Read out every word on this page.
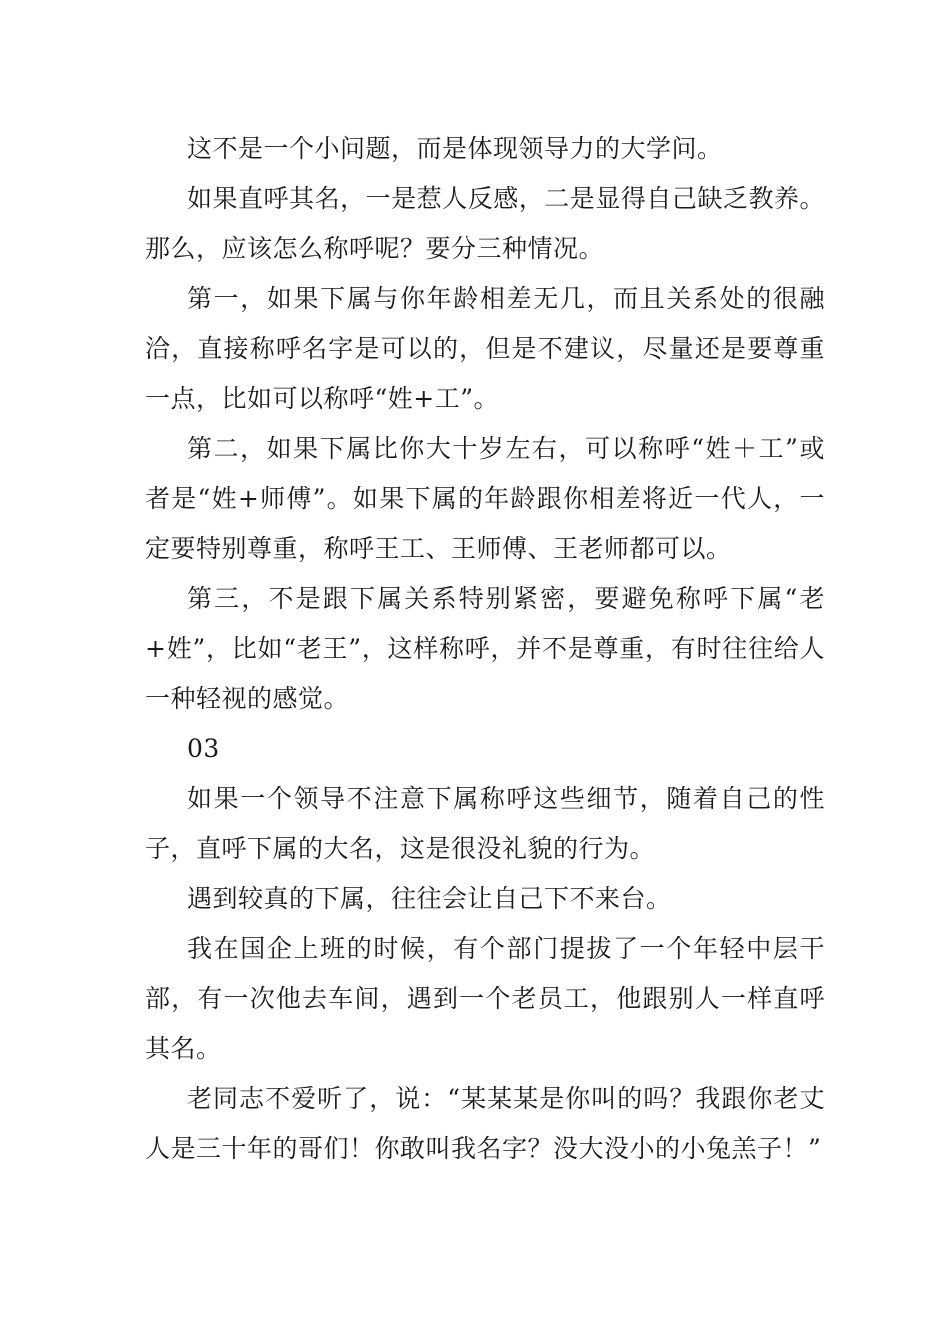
这不是一个小问题，而是体现领导力的大学问。

如果直呼其名，一是惹人反感，二是显得自己缺乏教养。那么，应该怎么称呼呢？要分三种情况。

第一，如果下属与你年龄相差无几，而且关系处的很融洽，直接称呼名字是可以的，但是不建议，尽量还是要尊重一点，比如可以称呼“姓+工”。

第二，如果下属比你大十岁左右，可以称呼“姓＋工”或者是“姓+师傅”。如果下属的年龄跟你相差将近一代人，一定要特别尊重，称呼王工、王师傅、王老师都可以。

第三，不是跟下属关系特别紧密，要避免称呼下属“老+姓”，比如“老王”，这样称呼，并不是尊重，有时往往给人一种轻视的感觉。

03

如果一个领导不注意下属称呼这些细节，随着自己的性子，直呼下属的大名，这是很没礼貌的行为。

遇到较真的下属，往往会让自己下不来台。

我在国企上班的时候，有个部门提拔了一个年轻中层干部，有一次他去车间，遇到一个老员工，他跟别人一样直呼其名。

老同志不爱听了，说：“某某某是你叫的吗？我跟你老丈人是三十年的哥们！你敢叫我名字？没大没小的小兔羔子！”
